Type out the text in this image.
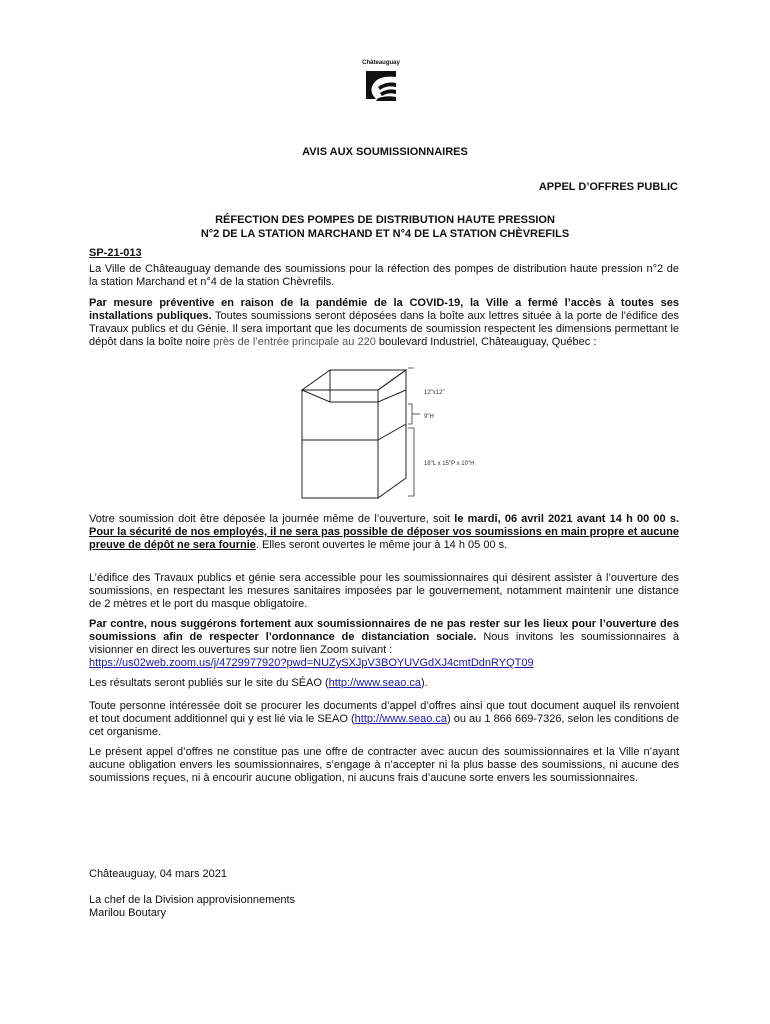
Châteauguay
AVIS AUX SOUMISSIONNAIRES
APPEL D’OFFRES PUBLIC
RÉFECTION DES POMPES DE DISTRIBUTION HAUTE PRESSION
N°2 DE LA STATION MARCHAND ET N°4 DE LA STATION CHÈVREFILS
SP-21-013
La Ville de Châteauguay demande des soumissions pour la réfection des pompes de distribution haute pression n°2 de la station Marchand et n°4 de la station Chèvrefils.
Par mesure préventive en raison de la pandémie de la COVID-19, la Ville a fermé l’accès à toutes ses installations publiques. Toutes soumissions seront déposées dans la boîte aux lettres située à la porte de l’édifice des Travaux publics et du Génie. Il sera important que les documents de soumission respectent les dimensions permettant le dépôt dans la boîte noire près de l’entrée principale au 220 boulevard Industriel, Châteauguay, Québec :
12"x12"
9"H
18"L x 15"P x 10"H
Votre soumission doit être déposée la journée même de l’ouverture, soit le mardi, 06 avril 2021 avant 14 h 00 00 s. Pour la sécurité de nos employés, il ne sera pas possible de déposer vos soumissions en main propre et aucune preuve de dépôt ne sera fournie. Elles seront ouvertes le même jour à 14 h 05 00 s.
L’édifice des Travaux publics et génie sera accessible pour les soumissionnaires qui désirent assister à l’ouverture des soumissions, en respectant les mesures sanitaires imposées par le gouvernement, notamment maintenir une distance de 2 mètres et le port du masque obligatoire.
Par contre, nous suggérons fortement aux soumissionnaires de ne pas rester sur les lieux pour l’ouverture des soumissions afin de respecter l’ordonnance de distanciation sociale. Nous invitons les soumissionnaires à visionner en direct les ouvertures sur notre lien Zoom suivant :
https://us02web.zoom.us/j/4729977920?pwd=NUZySXJpV3BOYUVGdXJ4cmtDdnRYQT09
Les résultats seront publiés sur le site du SÉAO (http://www.seao.ca).
Toute personne intéressée doit se procurer les documents d’appel d’offres ainsi que tout document auquel ils renvoient et tout document additionnel qui y est lié via le SEAO (http://www.seao.ca) ou au 1 866 669-7326, selon les conditions de cet organisme.
Le présent appel d’offres ne constitue pas une offre de contracter avec aucun des soumissionnaires et la Ville n’ayant aucune obligation envers les soumissionnaires, s’engage à n’accepter ni la plus basse des soumissions, ni aucune des soumissions reçues, ni à encourir aucune obligation, ni aucuns frais d’aucune sorte envers les soumissionnaires.
Châteauguay, 04 mars 2021
La chef de la Division approvisionnements
Marilou Boutary
